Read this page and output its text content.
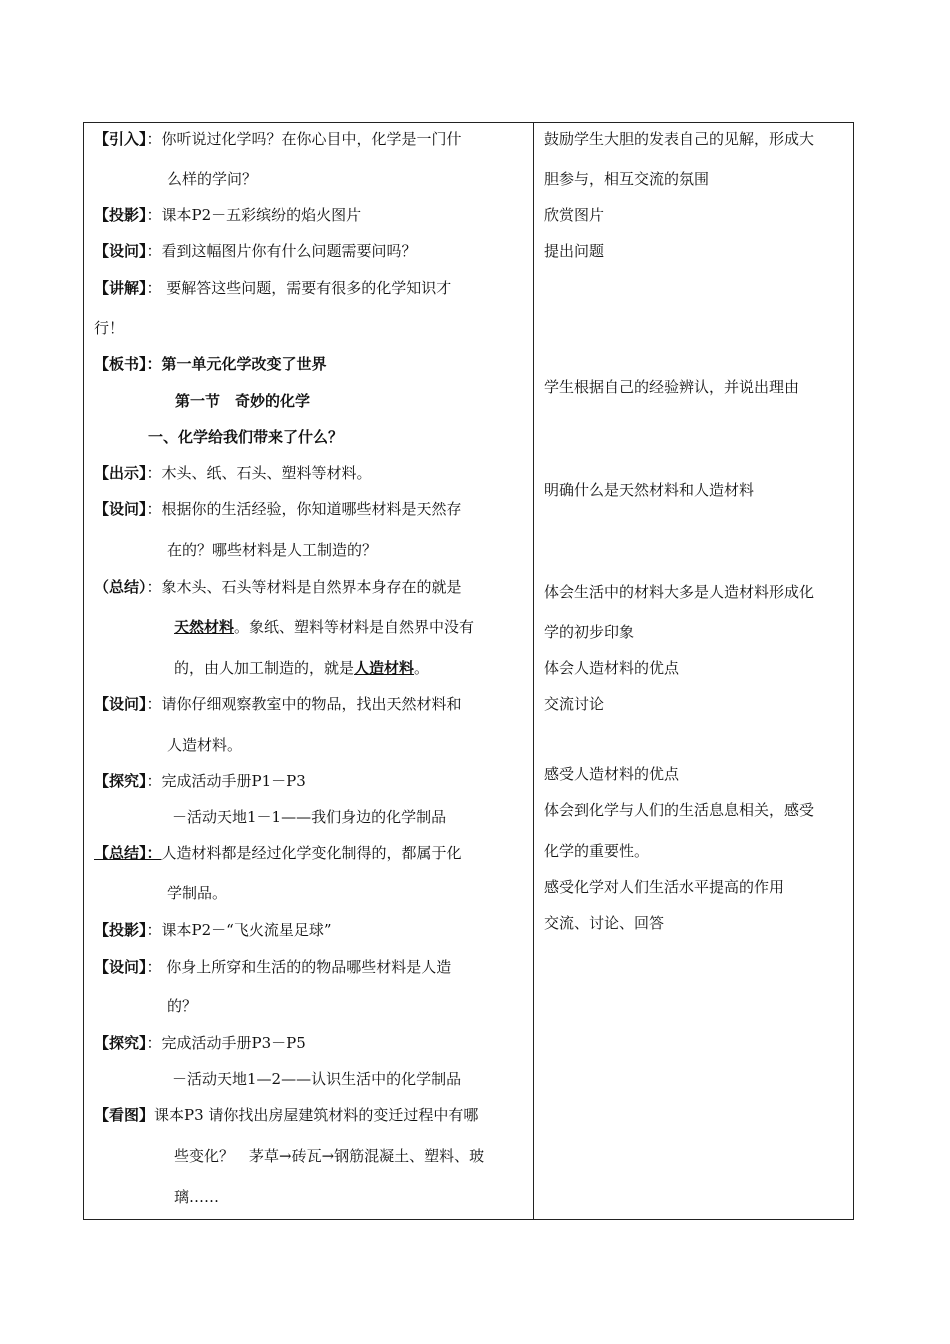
【引入】：你听说过化学吗？在你心目中，化学是一门什
么样的学问？
【投影】：课本P2－五彩缤纷的焰火图片
【设问】：看到这幅图片你有什么问题需要问吗？
【讲解】： 要解答这些问题，需要有很多的化学知识才
行！
【板书】：第一单元化学改变了世界
第一节　奇妙的化学
一、化学给我们带来了什么？
【出示】：木头、纸、石头、塑料等材料。
【设问】：根据你的生活经验，你知道哪些材料是天然存
在的？哪些材料是人工制造的？
（总结）：象木头、石头等材料是自然界本身存在的就是
天然材料。象纸、塑料等材料是自然界中没有
的，由人加工制造的，就是人造材料。
【设问】：请你仔细观察教室中的物品，找出天然材料和
人造材料。
【探究】：完成活动手册P1－P3
－活动天地1－1——我们身边的化学制品
【总结】：人造材料都是经过化学变化制得的，都属于化
学制品。
【投影】：课本P2－“飞火流星足球”
【设问】： 你身上所穿和生活的的物品哪些材料是人造
的？
【探究】：完成活动手册P3－P5
－活动天地1—2——认识生活中的化学制品
【看图】课本P3 请你找出房屋建筑材料的变迁过程中有哪
些变化？　茅草→砖瓦→钢筋混凝土、塑料、玻
璃……
鼓励学生大胆的发表自己的见解，形成大
胆参与，相互交流的氛围
欣赏图片
提出问题
学生根据自己的经验辨认，并说出理由
明确什么是天然材料和人造材料
体会生活中的材料大多是人造材料形成化
学的初步印象
体会人造材料的优点
交流讨论
感受人造材料的优点
体会到化学与人们的生活息息相关，感受
化学的重要性。
感受化学对人们生活水平提高的作用
交流、讨论、回答
